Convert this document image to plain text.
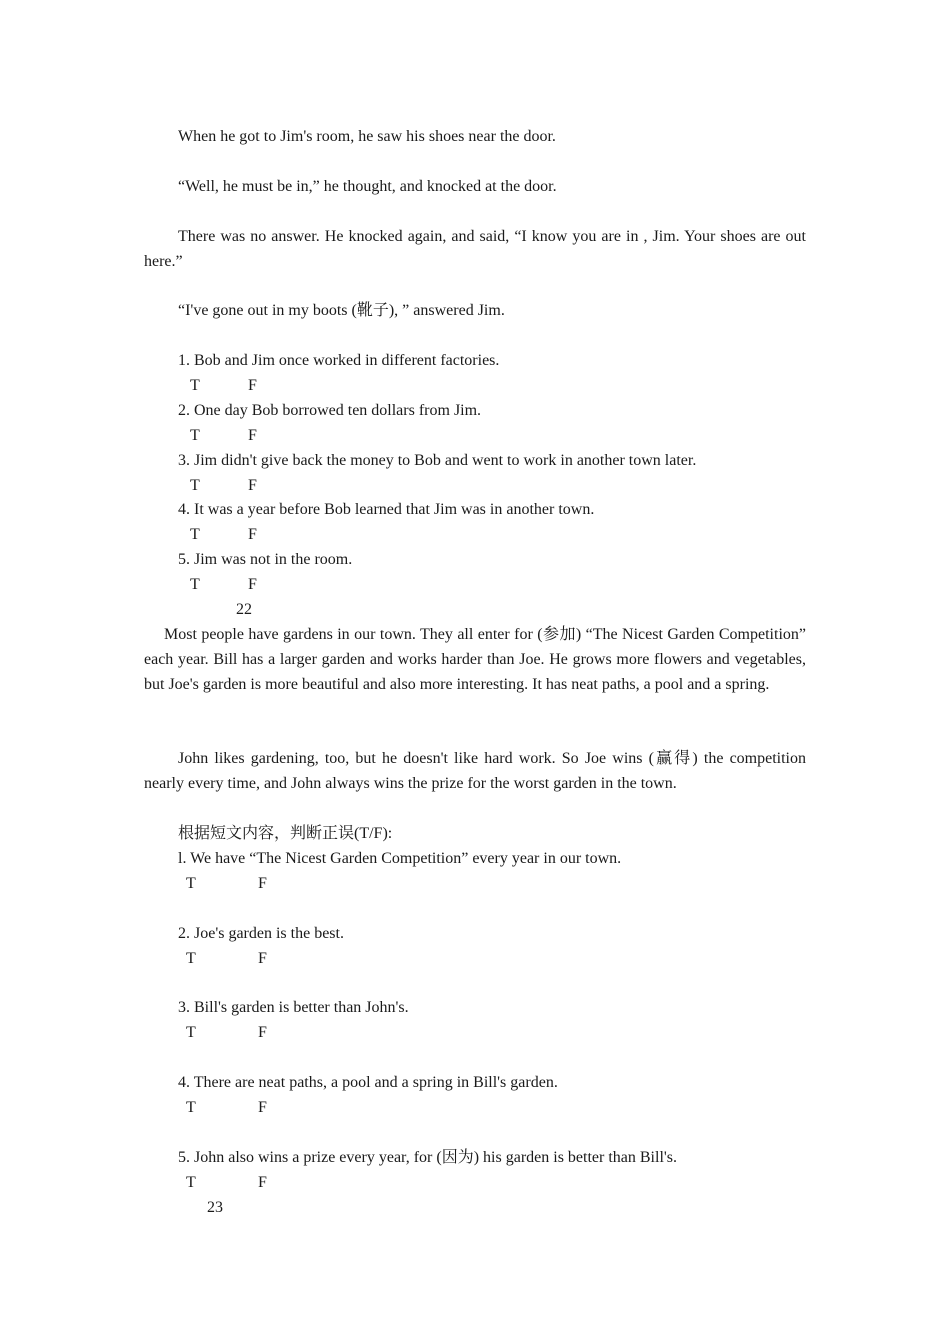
When he got to Jim's room, he saw his shoes near the door.
“Well, he must be in,” he thought, and knocked at the door.
There was no answer. He knocked again, and said, “I know you are in , Jim. Your shoes are out here.”
“I've gone out in my boots (靴子), ” answered Jim.
1. Bob and Jim once worked in different factories.
T	F
2. One day Bob borrowed ten dollars from Jim.
T	F
3. Jim didn't give back the money to Bob and went to work in another town later.
T	F
4. It was a year before Bob learned that Jim was in another town.
T	F
5. Jim was not in the room.
T	F
22
Most people have gardens in our town. They all enter for (参加) “The Nicest Garden Competition” each year. Bill has a larger garden and works harder than Joe. He grows more flowers and vegetables, but Joe's garden is more beautiful and also more interesting. It has neat paths, a pool and a spring.
John likes gardening, too, but he doesn't like hard work. So Joe wins (赢得) the competition nearly every time, and John always wins the prize for the worst garden in the town.
根据短文内容，判断正误(T/F):
l. We have “The Nicest Garden Competition” every year in our town.
T	F
2. Joe's garden is the best.
T	F
3. Bill's garden is better than John's.
T	F
4. There are neat paths, a pool and a spring in Bill's garden.
T	F
5. John also wins a prize every year, for (因为) his garden is better than Bill's.
T	F
23
